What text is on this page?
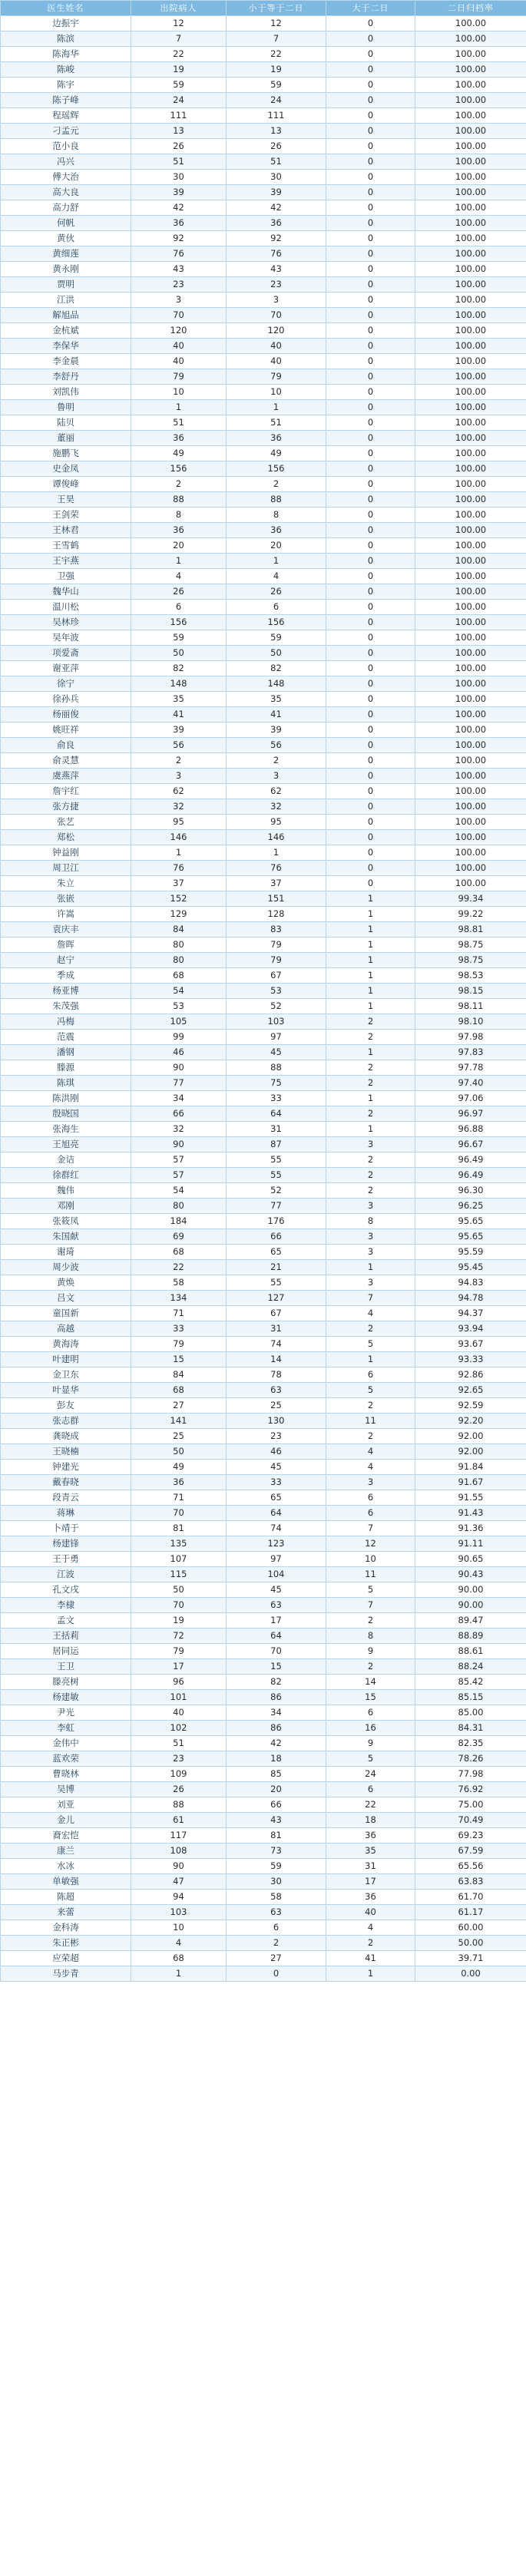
医生姓名	出院病人	小于等于二日	大于二日	二日归档率
边振宇	12	12	0	100.00
陈滨	7	7	0	100.00
陈海华	22	22	0	100.00
陈峻	19	19	0	100.00
陈宇	59	59	0	100.00
陈子峰	24	24	0	100.00
程瑶辉	111	111	0	100.00
刁孟元	13	13	0	100.00
范小良	26	26	0	100.00
冯兴	51	51	0	100.00
傅大治	30	30	0	100.00
高大良	39	39	0	100.00
高力舒	42	42	0	100.00
何帆	36	36	0	100.00
黄伙	92	92	0	100.00
黄细莲	76	76	0	100.00
黄永刚	43	43	0	100.00
贾明	23	23	0	100.00
江洪	3	3	0	100.00
解旭品	70	70	0	100.00
金杭斌	120	120	0	100.00
李保华	40	40	0	100.00
李金晨	40	40	0	100.00
李舒丹	79	79	0	100.00
刘凯伟	10	10	0	100.00
鲁明	1	1	0	100.00
陆贝	51	51	0	100.00
董丽	36	36	0	100.00
施鹏飞	49	49	0	100.00
史金凤	156	156	0	100.00
谭俊峰	2	2	0	100.00
王昊	88	88	0	100.00
王剑荣	8	8	0	100.00
王林君	36	36	0	100.00
王雪鹤	20	20	0	100.00
王宇燕	1	1	0	100.00
卫强	4	4	0	100.00
魏华山	26	26	0	100.00
温川松	6	6	0	100.00
吴林珍	156	156	0	100.00
吴年波	59	59	0	100.00
项爱斋	50	50	0	100.00
谢亚萍	82	82	0	100.00
徐宁	148	148	0	100.00
徐孙兵	35	35	0	100.00
杨丽俊	41	41	0	100.00
姚旺祥	39	39	0	100.00
俞良	56	56	0	100.00
俞灵慧	2	2	0	100.00
虞燕萍	3	3	0	100.00
詹宇红	62	62	0	100.00
张方捷	32	32	0	100.00
张艺	95	95	0	100.00
郑松	146	146	0	100.00
钟益刚	1	1	0	100.00
周卫江	76	76	0	100.00
朱立	37	37	0	100.00
张嵌	152	151	1	99.34
许嵩	129	128	1	99.22
袁庆丰	84	83	1	98.81
詹晖	80	79	1	98.75
赵宁	80	79	1	98.75
季成	68	67	1	98.53
杨亚博	54	53	1	98.15
朱茂强	53	52	1	98.11
冯梅	105	103	2	98.10
范震	99	97	2	97.98
潘钢	46	45	1	97.83
滕源	90	88	2	97.78
陈琪	77	75	2	97.40
陈洪刚	34	33	1	97.06
殷晓国	66	64	2	96.97
张海生	32	31	1	96.88
王旭亮	90	87	3	96.67
金诘	57	55	2	96.49
徐群红	57	55	2	96.49
魏伟	54	52	2	96.30
邓刚	80	77	3	96.25
张筱凤	184	176	8	95.65
朱国献	69	66	3	95.65
谢琦	68	65	3	95.59
周少波	22	21	1	95.45
黄焕	58	55	3	94.83
吕文	134	127	7	94.78
童国新	71	67	4	94.37
高越	33	31	2	93.94
黄海涛	79	74	5	93.67
叶建明	15	14	1	93.33
金卫东	84	78	6	92.86
叶显华	68	63	5	92.65
彭友	27	25	2	92.59
张志群	141	130	11	92.20
龚晓成	25	23	2	92.00
王晓楠	50	46	4	92.00
钟建光	49	45	4	91.84
戴春晓	36	33	3	91.67
段青云	71	65	6	91.55
蒋琳	70	64	6	91.43
卜靖于	81	74	7	91.36
杨建锋	135	123	12	91.11
王于勇	107	97	10	90.65
江波	115	104	11	90.43
孔文戌	50	45	5	90.00
李棣	70	63	7	90.00
孟文	19	17	2	89.47
王括莉	72	64	8	88.89
居同运	79	70	9	88.61
王卫	17	15	2	88.24
滕亮树	96	82	14	85.42
杨建敏	101	86	15	85.15
尹光	40	34	6	85.00
李虹	102	86	16	84.31
金伟中	51	42	9	82.35
蓝欢荣	23	18	5	78.26
曹晓林	109	85	24	77.98
吴博	26	20	6	76.92
刘亚	88	66	22	75.00
金儿	61	43	18	70.49
裔宏恺	117	81	36	69.23
康兰	108	73	35	67.59
水冰	90	59	31	65.56
单敏强	47	30	17	63.83
陈超	94	58	36	61.70
来蕾	103	63	40	61.17
金科涛	10	6	4	60.00
朱正彬	4	2	2	50.00
应荣超	68	27	41	39.71
马步青	1	0	1	0.00
